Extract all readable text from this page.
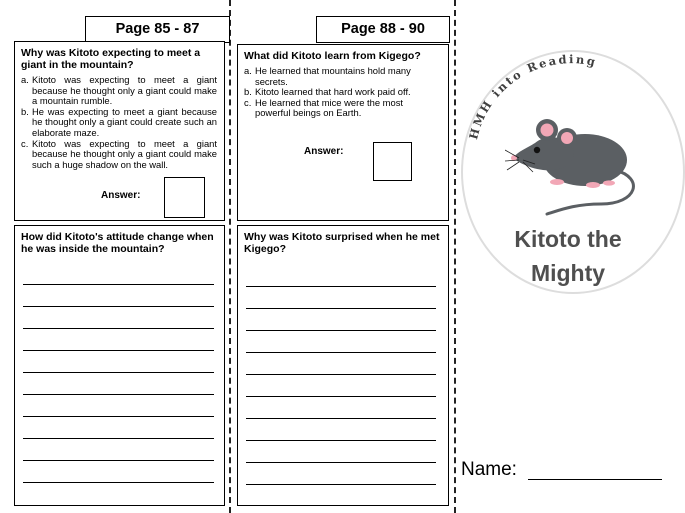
Page 85 - 87
Why was Kitoto expecting to meet a giant in the mountain?
a. Kitoto was expecting to meet a giant because he thought only a giant could make a mountain rumble.
b. He was expecting to meet a giant because he thought only a giant could create such an elaborate maze.
c. Kitoto was expecting to meet a giant because he thought only a giant could make such a huge shadow on the wall.
Answer:
How did Kitoto's attitude change when he was inside the mountain?
Page 88 - 90
What did Kitoto learn from Kigego?
a. He learned that mountains hold many secrets.
b. Kitoto learned that hard work paid off.
c. He learned that mice were the most powerful beings on Earth.
Answer:
Why was Kitoto surprised when he met Kigego?
HMH into Reading
Kitoto the
Mighty
Name:
